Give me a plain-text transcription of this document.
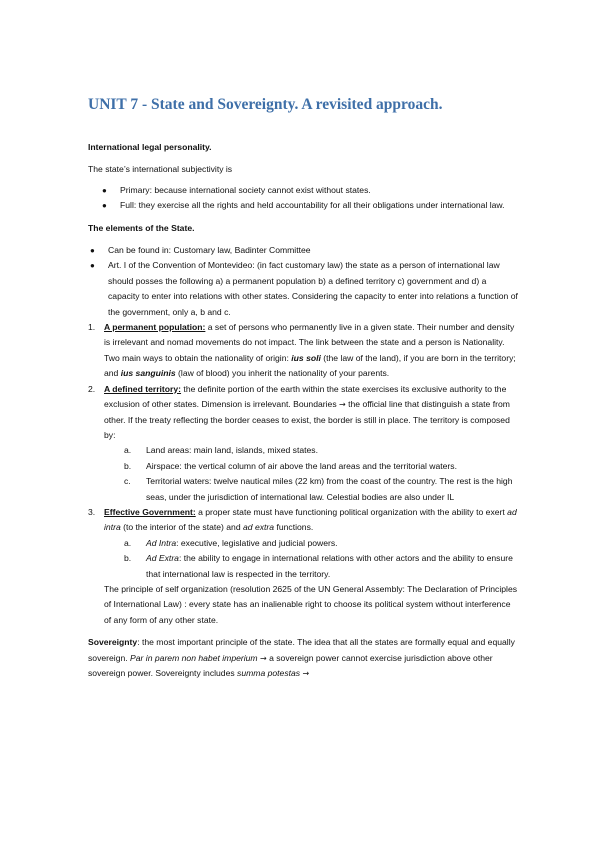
UNIT 7 - State and Sovereignty. A revisited approach.

International legal personality.

The state’s international subjectivity is

● Primary: because international society cannot exist without states.
● Full: they exercise all the rights and held accountability for all their obligations under international law.

The elements of the State.

● Can be found in: Customary law, Badinter Committee
● Art. I of the Convention of Montevideo: (in fact customary law) the state as a person of international law should posses the following a) a permanent population b) a defined territory c) government and d) a capacity to enter into relations with other states. Considering the capacity to enter into relations a function of the government, only a, b and c.
1. A permanent population: a set of persons who permanently live in a given state. Their number and density is irrelevant and nomad movements do not impact. The link between the state and a person is Nationality. Two main ways to obtain the nationality of origin: ius soli (the law of the land), if you are born in the territory; and ius sanguinis (law of blood) you inherit the nationality of your parents.
2. A defined territory: the definite portion of the earth within the state exercises its exclusive authority to the exclusion of other states. Dimension is irrelevant. Boundaries → the official line that distinguish a state from other. If the treaty reflecting the border ceases to exist, the border is still in place. The territory is composed by:
a. Land areas: main land, islands, mixed states.
b. Airspace: the vertical column of air above the land areas and the territorial waters.
c. Territorial waters: twelve nautical miles (22 km) from the coast of the country. The rest is the high seas, under the jurisdiction of international law. Celestial bodies are also under IL
3. Effective Government: a proper state must have functioning political organization with the ability to exert ad intra (to the interior of the state) and ad extra functions.
a. Ad Intra: executive, legislative and judicial powers.
b. Ad Extra: the ability to engage in international relations with other actors and the ability to ensure that international law is respected in the territory.

The principle of self organization (resolution 2625 of the UN General Assembly: The Declaration of Principles of International Law) : every state has an inalienable right to choose its political system without interference of any form of any other state.

Sovereignty: the most important principle of the state. The idea that all the states are formally equal and equally sovereign. Par in parem non habet imperium → a sovereign power cannot exercise jurisdiction above other sovereign power. Sovereignty includes summa potestas →
